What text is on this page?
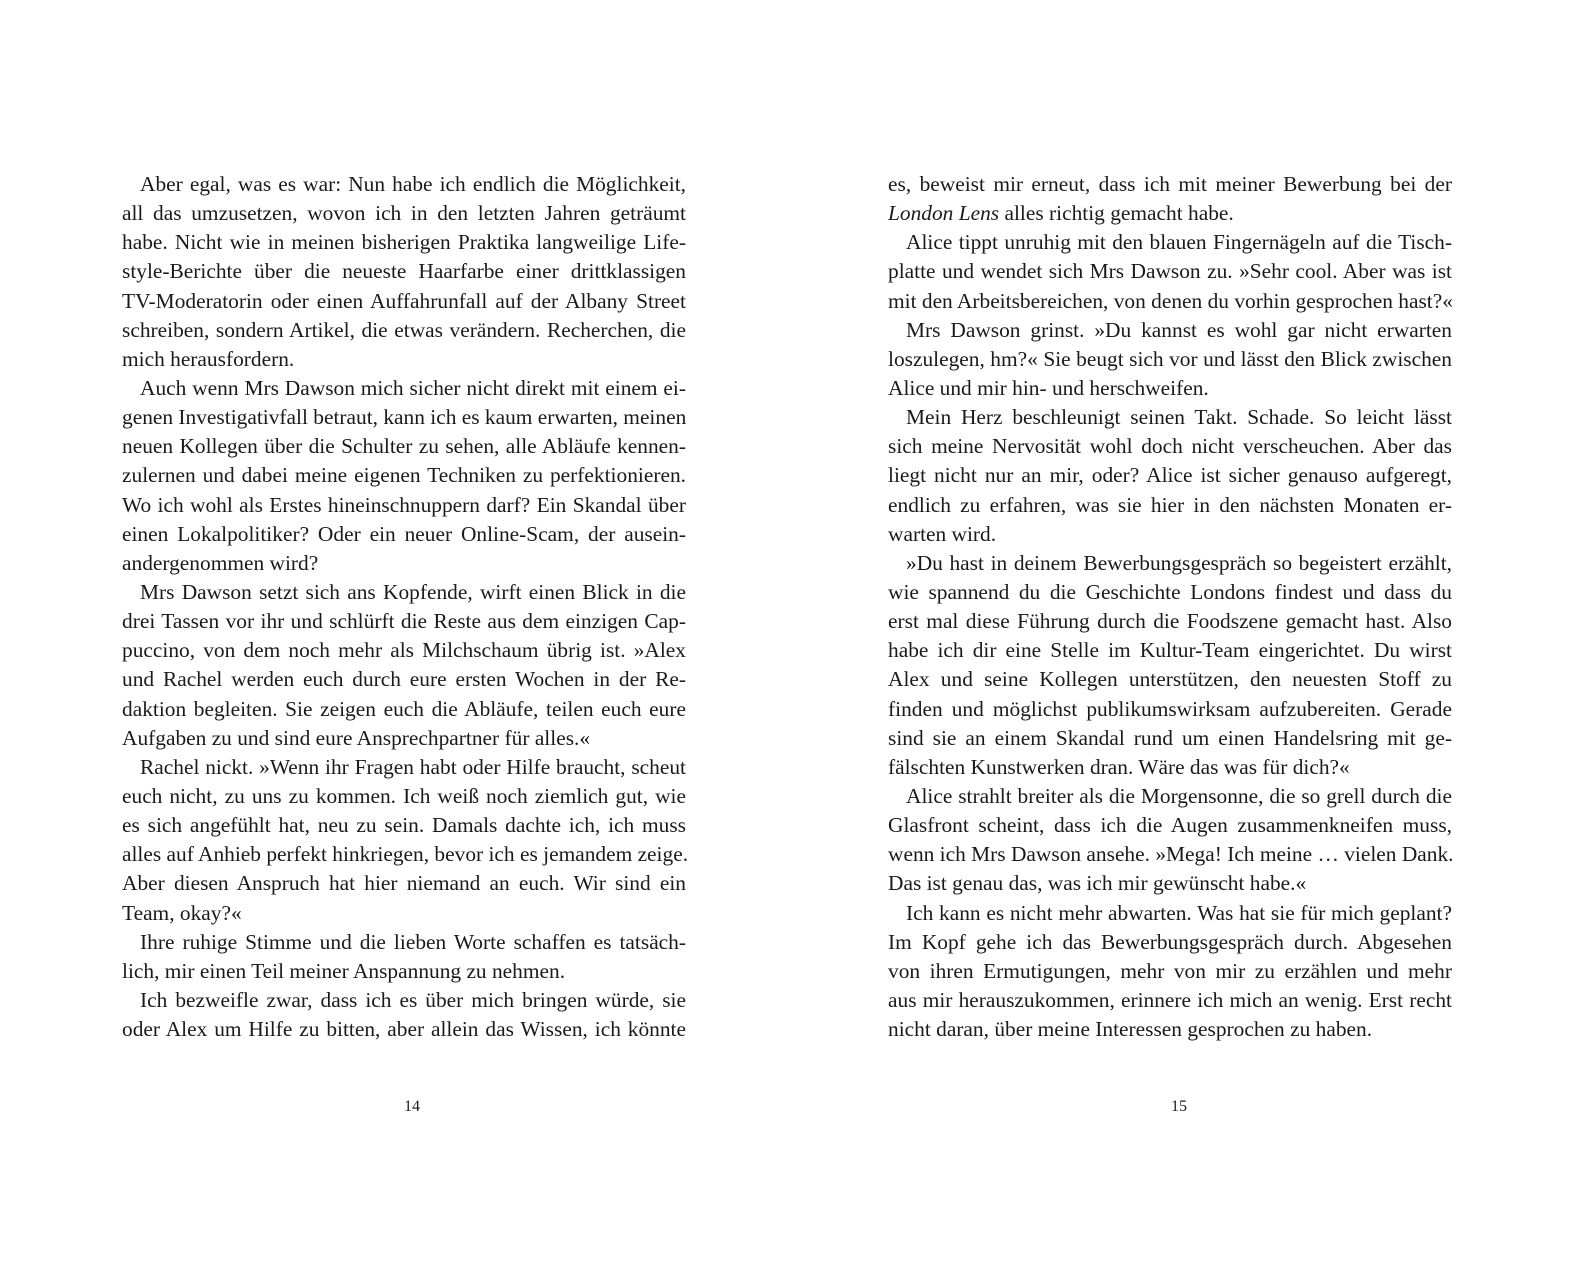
Aber egal, was es war: Nun habe ich endlich die Möglichkeit,
all das umzusetzen, wovon ich in den letzten Jahren geträumt
habe. Nicht wie in meinen bisherigen Praktika langweilige Life-
style-Berichte über die neueste Haarfarbe einer drittklassigen
TV-Moderatorin oder einen Auffahrunfall auf der Albany Street
schreiben, sondern Artikel, die etwas verändern. Recherchen, die
mich herausfordern.
Auch wenn Mrs Dawson mich sicher nicht direkt mit einem ei-
genen Investigativfall betraut, kann ich es kaum erwarten, meinen
neuen Kollegen über die Schulter zu sehen, alle Abläufe kennen-
zulernen und dabei meine eigenen Techniken zu perfektionieren.
Wo ich wohl als Erstes hineinschnuppern darf? Ein Skandal über
einen Lokalpolitiker? Oder ein neuer Online-Scam, der ausein-
andergenommen wird?
Mrs Dawson setzt sich ans Kopfende, wirft einen Blick in die
drei Tassen vor ihr und schlürft die Reste aus dem einzigen Cap-
puccino, von dem noch mehr als Milchschaum übrig ist. »Alex
und Rachel werden euch durch eure ersten Wochen in der Re-
daktion begleiten. Sie zeigen euch die Abläufe, teilen euch eure
Aufgaben zu und sind eure Ansprechpartner für alles.«
Rachel nickt. »Wenn ihr Fragen habt oder Hilfe braucht, scheut
euch nicht, zu uns zu kommen. Ich weiß noch ziemlich gut, wie
es sich angefühlt hat, neu zu sein. Damals dachte ich, ich muss
alles auf Anhieb perfekt hinkriegen, bevor ich es jemandem zeige.
Aber diesen Anspruch hat hier niemand an euch. Wir sind ein
Team, okay?«
Ihre ruhige Stimme und die lieben Worte schaffen es tatsäch-
lich, mir einen Teil meiner Anspannung zu nehmen.
Ich bezweifle zwar, dass ich es über mich bringen würde, sie
oder Alex um Hilfe zu bitten, aber allein das Wissen, ich könnte
14
es, beweist mir erneut, dass ich mit meiner Bewerbung bei der
London Lens alles richtig gemacht habe.
Alice tippt unruhig mit den blauen Fingernägeln auf die Tisch-
platte und wendet sich Mrs Dawson zu. »Sehr cool. Aber was ist
mit den Arbeitsbereichen, von denen du vorhin gesprochen hast?«
Mrs Dawson grinst. »Du kannst es wohl gar nicht erwarten
loszulegen, hm?« Sie beugt sich vor und lässt den Blick zwischen
Alice und mir hin- und herschweifen.
Mein Herz beschleunigt seinen Takt. Schade. So leicht lässt
sich meine Nervosität wohl doch nicht verscheuchen. Aber das
liegt nicht nur an mir, oder? Alice ist sicher genauso aufgeregt,
endlich zu erfahren, was sie hier in den nächsten Monaten er-
warten wird.
»Du hast in deinem Bewerbungsgespräch so begeistert erzählt,
wie spannend du die Geschichte Londons findest und dass du
erst mal diese Führung durch die Foodszene gemacht hast. Also
habe ich dir eine Stelle im Kultur-Team eingerichtet. Du wirst
Alex und seine Kollegen unterstützen, den neuesten Stoff zu
finden und möglichst publikumswirksam aufzubereiten. Gerade
sind sie an einem Skandal rund um einen Handelsring mit ge-
fälschten Kunstwerken dran. Wäre das was für dich?«
Alice strahlt breiter als die Morgensonne, die so grell durch die
Glasfront scheint, dass ich die Augen zusammenkneifen muss,
wenn ich Mrs Dawson ansehe. »Mega! Ich meine … vielen Dank.
Das ist genau das, was ich mir gewünscht habe.«
Ich kann es nicht mehr abwarten. Was hat sie für mich geplant?
Im Kopf gehe ich das Bewerbungsgespräch durch. Abgesehen
von ihren Ermutigungen, mehr von mir zu erzählen und mehr
aus mir herauszukommen, erinnere ich mich an wenig. Erst recht
nicht daran, über meine Interessen gesprochen zu haben.
15
